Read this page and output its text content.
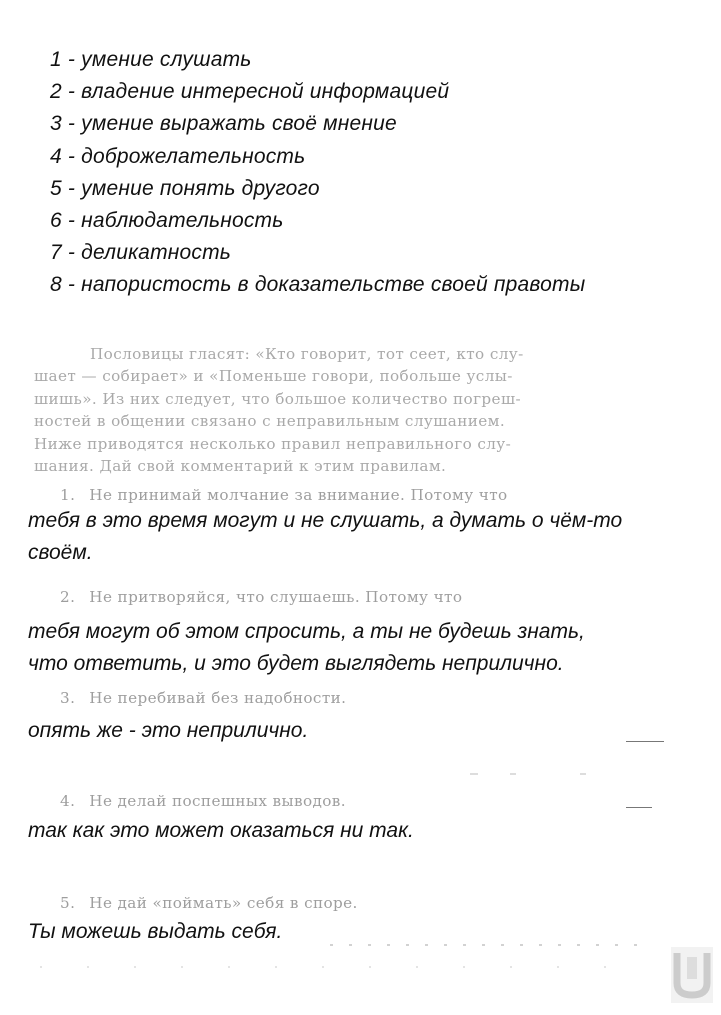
1 - умение слушать
2 - владение интересной информацией
3 - умение выражать своё мнение
4 - доброжелательность
5 - умение понять другого
6 - наблюдательность
7 - деликатность
8 - напористость в доказательстве своей правоты
Пословицы гласят: «Кто говорит, тот сеет, кто слу-
шает — собирает» и «Поменьше говори, побольше услы-
шишь». Из них следует, что большое количество погреш-
ностей в общении связано с неправильным слушанием.
Ниже приводятся несколько правил неправильного слу-
шания. Дай свой комментарий к этим правилам.
1. Не принимай молчание за внимание. Потому что
тебя в это время могут и не слушать, а думать о чём-то
своём.
2. Не притворяйся, что слушаешь. Потому что
тебя могут об этом спросить, а ты не будешь знать,
что ответить, и это будет выглядеть неприлично.
3. Не перебивай без надобности.
опять же - это неприлично.
4. Не делай поспешных выводов.
так как это может оказаться ни так.
5. Не дай «поймать» себя в споре.
Ты можешь выдать себя.
